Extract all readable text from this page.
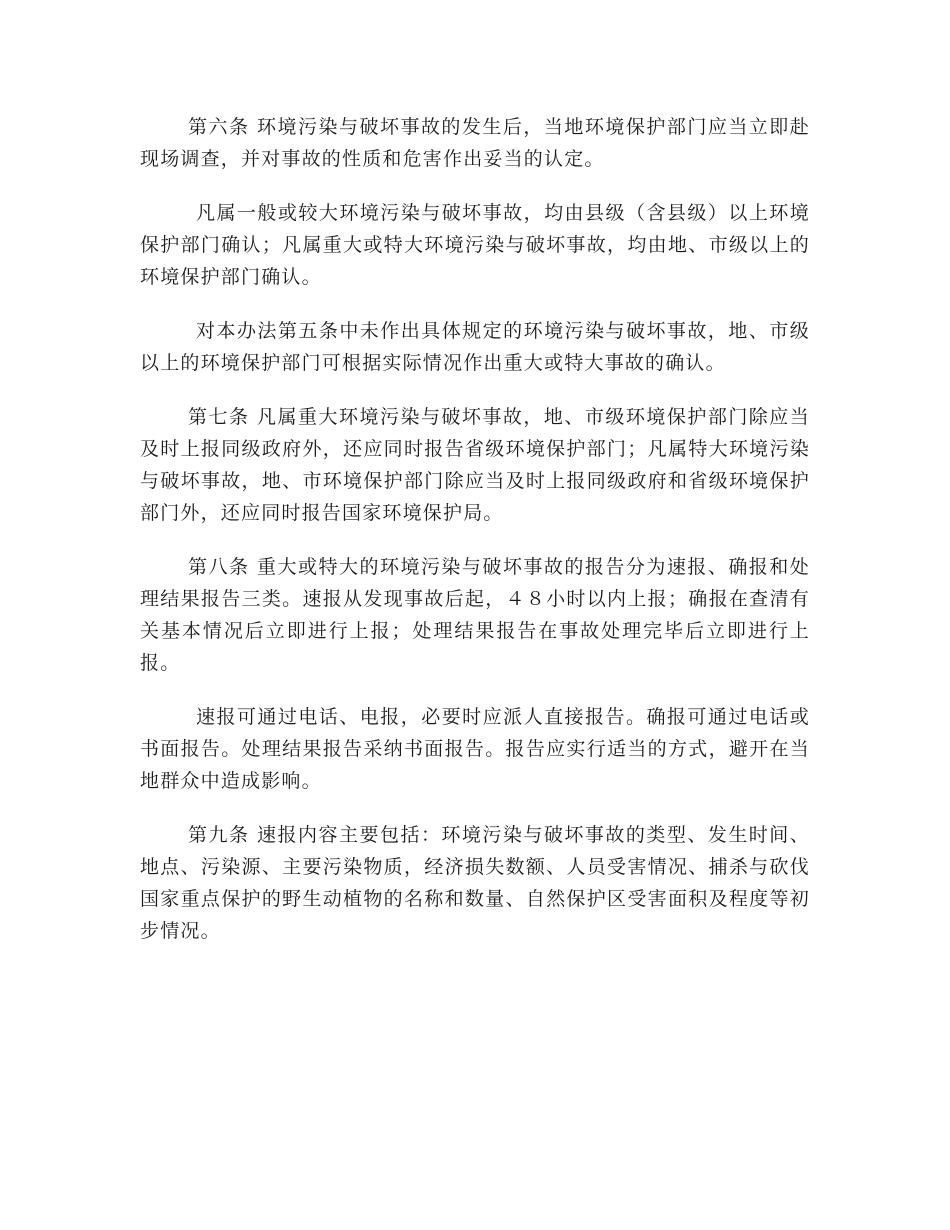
第六条 环境污染与破坏事故的发生后，当地环境保护部门应当立即赴现场调查，并对事故的性质和危害作出妥当的认定。

凡属一般或较大环境污染与破坏事故，均由县级（含县级）以上环境保护部门确认；凡属重大或特大环境污染与破坏事故，均由地、市级以上的环境保护部门确认。

对本办法第五条中未作出具体规定的环境污染与破坏事故，地、市级以上的环境保护部门可根据实际情况作出重大或特大事故的确认。

第七条 凡属重大环境污染与破坏事故，地、市级环境保护部门除应当及时上报同级政府外，还应同时报告省级环境保护部门；凡属特大环境污染与破坏事故，地、市环境保护部门除应当及时上报同级政府和省级环境保护部门外，还应同时报告国家环境保护局。

第八条 重大或特大的环境污染与破坏事故的报告分为速报、确报和处理结果报告三类。速报从发现事故后起，４８小时以内上报；确报在查清有关基本情况后立即进行上报；处理结果报告在事故处理完毕后立即进行上报。

速报可通过电话、电报，必要时应派人直接报告。确报可通过电话或书面报告。处理结果报告采纳书面报告。报告应实行适当的方式，避开在当地群众中造成影响。

第九条 速报内容主要包括：环境污染与破坏事故的类型、发生时间、地点、污染源、主要污染物质，经济损失数额、人员受害情况、捕杀与砍伐国家重点保护的野生动植物的名称和数量、自然保护区受害面积及程度等初步情况。
